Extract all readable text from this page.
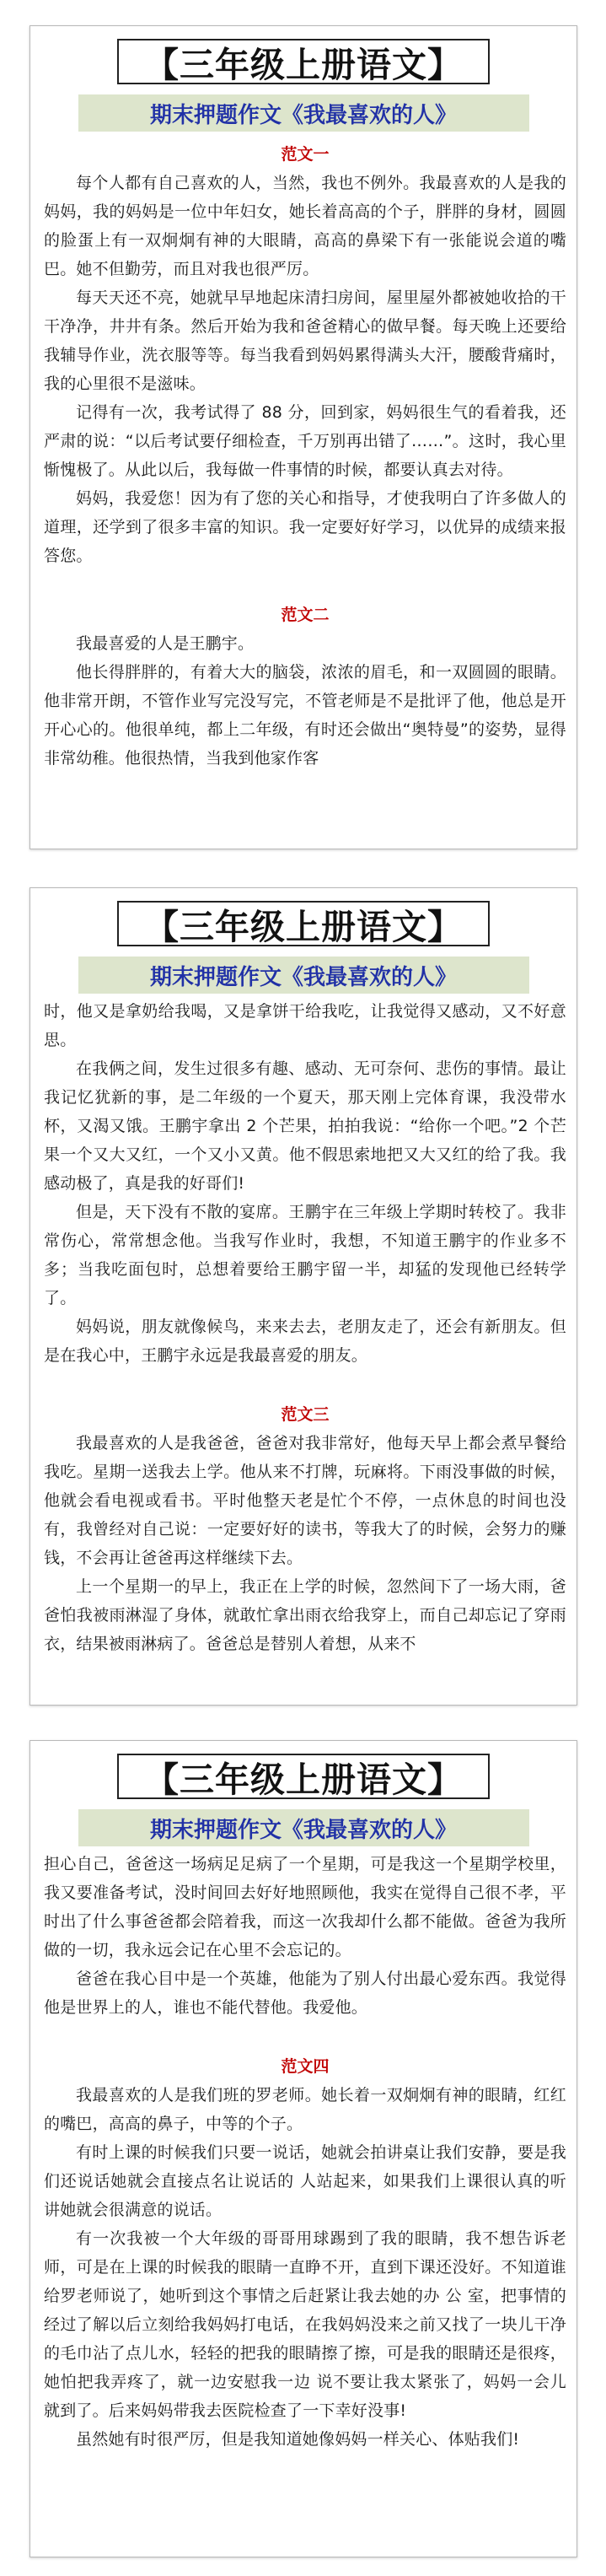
【三年级上册语文】
期末押题作文《我最喜欢的人》

范文一

每个人都有自己喜欢的人，当然，我也不例外。我最喜欢的人是我的妈妈，我的妈妈是一位中年妇女，她长着高高的个子，胖胖的身材，圆圆的脸蛋上有一双炯炯有神的大眼睛，高高的鼻梁下有一张能说会道的嘴巴。她不但勤劳，而且对我也很严厉。

每天天还不亮，她就早早地起床清扫房间，屋里屋外都被她收拾的干干净净，井井有条。然后开始为我和爸爸精心的做早餐。每天晚上还要给我辅导作业，洗衣服等等。每当我看到妈妈累得满头大汗，腰酸背痛时，我的心里很不是滋味。

记得有一次，我考试得了 88 分，回到家，妈妈很生气的看着我，还严肃的说：“以后考试要仔细检查，千万别再出错了……”。这时，我心里惭愧极了。从此以后，我每做一件事情的时候，都要认真去对待。

妈妈，我爱您！因为有了您的关心和指导，才使我明白了许多做人的道理，还学到了很多丰富的知识。我一定要好好学习，以优异的成绩来报答您。

范文二

我最喜爱的人是王鹏宇。

他长得胖胖的，有着大大的脑袋，浓浓的眉毛，和一双圆圆的眼睛。他非常开朗，不管作业写完没写完，不管老师是不是批评了他，他总是开开心心的。他很单纯，都上二年级，有时还会做出“奥特曼”的姿势，显得非常幼稚。他很热情，当我到他家作客

【三年级上册语文】
期末押题作文《我最喜欢的人》

时，他又是拿奶给我喝，又是拿饼干给我吃，让我觉得又感动，又不好意思。

在我俩之间，发生过很多有趣、感动、无可奈何、悲伤的事情。最让我记忆犹新的事，是二年级的一个夏天，那天刚上完体育课，我没带水杯，又渴又饿。王鹏宇拿出 2 个芒果，拍拍我说：“给你一个吧。”2 个芒果一个又大又红，一个又小又黄。他不假思索地把又大又红的给了我。我感动极了，真是我的好哥们!

但是，天下没有不散的宴席。王鹏宇在三年级上学期时转校了。我非常伤心，常常想念他。当我写作业时，我想，不知道王鹏宇的作业多不多；当我吃面包时，总想着要给王鹏宇留一半，却猛的发现他已经转学了。

妈妈说，朋友就像候鸟，来来去去，老朋友走了，还会有新朋友。但是在我心中，王鹏宇永远是我最喜爱的朋友。

范文三

我最喜欢的人是我爸爸，爸爸对我非常好，他每天早上都会煮早餐给我吃。星期一送我去上学。他从来不打牌，玩麻将。下雨没事做的时候，他就会看电视或看书。平时他整天老是忙个不停，一点休息的时间也没有，我曾经对自己说：一定要好好的读书，等我大了的时候，会努力的赚钱，不会再让爸爸再这样继续下去。

上一个星期一的早上，我正在上学的时候，忽然间下了一场大雨，爸爸怕我被雨淋湿了身体，就敢忙拿出雨衣给我穿上，而自己却忘记了穿雨衣，结果被雨淋病了。爸爸总是替别人着想，从来不

【三年级上册语文】
期末押题作文《我最喜欢的人》

担心自己，爸爸这一场病足足病了一个星期，可是我这一个星期学校里，我又要准备考试，没时间回去好好地照顾他，我实在觉得自己很不孝，平时出了什么事爸爸都会陪着我，而这一次我却什么都不能做。爸爸为我所做的一切，我永远会记在心里不会忘记的。

爸爸在我心目中是一个英雄，他能为了别人付出最心爱东西。我觉得他是世界上的人，谁也不能代替他。我爱他。

范文四

我最喜欢的人是我们班的罗老师。她长着一双炯炯有神的眼睛，红红的嘴巴，高高的鼻子，中等的个子。

有时上课的时候我们只要一说话，她就会拍讲桌让我们安静，要是我们还说话她就会直接点名让说话的 人站起来，如果我们上课很认真的听讲她就会很满意的说话。

有一次我被一个大年级的哥哥用球踢到了我的眼睛，我不想告诉老师，可是在上课的时候我的眼睛一直睁不开，直到下课还没好。不知道谁给罗老师说了，她听到这个事情之后赶紧让我去她的办 公 室，把事情的经过了解以后立刻给我妈妈打电话，在我妈妈没来之前又找了一块儿干净的毛巾沾了点儿水，轻轻的把我的眼睛擦了擦，可是我的眼睛还是很疼，她怕把我弄疼了，就一边安慰我一边 说不要让我太紧张了，妈妈一会儿就到了。后来妈妈带我去医院检查了一下幸好没事!

虽然她有时很严厉，但是我知道她像妈妈一样关心、体贴我们!
